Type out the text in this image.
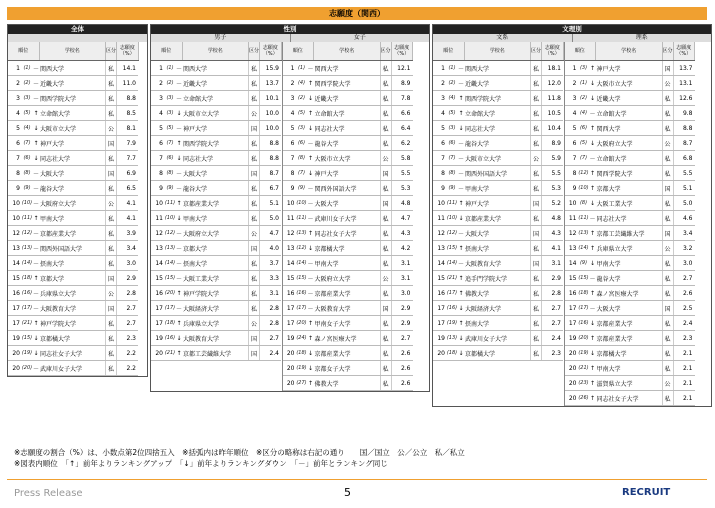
志願度（関西）
全体
順位			学校名	区分	志願度（%）
1	(1)	－	関西大学	私	14.1
2	(2)	－	近畿大学	私	11.0
3	(3)	－	関西学院大学	私	8.8
4	(5)	↑	立命館大学	私	8.5
5	(4)	↓	大阪市立大学	公	8.1
6	(7)	↑	神戸大学	国	7.9
7	(6)	↓	同志社大学	私	7.7
8	(8)	－	大阪大学	国	6.9
9	(9)	－	龍谷大学	私	6.5
10	(10)	－	大阪府立大学	公	4.1
10	(11)	↑	甲南大学	私	4.1
12	(12)	－	京都産業大学	私	3.9
13	(13)	－	関西外国語大学	私	3.4
14	(14)	－	摂南大学	私	3.0
15	(18)	↑	京都大学	国	2.9
16	(16)	－	兵庫県立大学	公	2.8
17	(17)	－	大阪教育大学	国	2.7
17	(21)	↑	神戸学院大学	私	2.7
19	(15)	↓	京都橘大学	私	2.3
20	(19)	↓	同志社女子大学	私	2.2
20	(20)	－	武庫川女子大学	私	2.2
性別
男子	女子
順位			学校名	区分	志願度（%）
1	(1)	－	関西大学	私	15.9
2	(2)	－	近畿大学	私	13.7
3	(3)	－	立命館大学	私	10.1
4	(3)	↓	大阪市立大学	公	10.0
5	(5)	－	神戸大学	国	10.0
6	(7)	↑	関西学院大学	私	8.8
7	(6)	↓	同志社大学	私	8.8
8	(8)	－	大阪大学	国	8.7
9	(9)	－	龍谷大学	私	6.7
10	(11)	↑	京都産業大学	私	5.1
11	(10)	↓	甲南大学	私	5.0
12	(12)	－	大阪府立大学	公	4.7
13	(13)	－	京都大学	国	4.0
14	(14)	－	摂南大学	私	3.7
15	(15)	－	大阪工業大学	私	3.3
16	(20)	↑	神戸学院大学	私	3.1
17	(17)	－	大阪経済大学	私	2.8
17	(18)	↑	兵庫県立大学	公	2.8
19	(16)	↓	大阪教育大学	国	2.7
20	(21)	↑	京都工芸繊維大学	国	2.4
順位			学校名	区分	志願度（%）
1	(1)	－	関西大学	私	12.1
2	(4)	↑	関西学院大学	私	8.9
3	(2)	↓	近畿大学	私	7.8
4	(5)	↑	立命館大学	私	6.6
5	(3)	↓	同志社大学	私	6.4
6	(6)	－	龍谷大学	私	6.2
7	(8)	↑	大阪市立大学	公	5.8
8	(7)	↓	神戸大学	国	5.5
9	(9)	－	関西外国語大学	私	5.3
10	(10)	－	大阪大学	国	4.8
11	(11)	－	武庫川女子大学	私	4.7
12	(13)	↑	同志社女子大学	私	4.3
13	(12)	↓	京都橘大学	私	4.2
14	(14)	－	甲南大学	私	3.1
15	(15)	－	大阪府立大学	公	3.1
16	(16)	－	京都産業大学	私	3.0
17	(17)	－	大阪教育大学	国	2.9
17	(20)	↑	甲南女子大学	私	2.9
19	(24)	↑	森ノ宮医療大学	私	2.7
20	(18)	↓	京都産業大学	私	2.6
20	(19)	↓	京都女子大学	私	2.6
20	(27)	↑	佛教大学	私	2.6
文理別
文系	理系
順位			学校名	区分	志願度（%）
1	(1)	－	関西大学	私	18.1
2	(2)	－	近畿大学	私	12.0
3	(4)	↑	関西学院大学	私	11.8
4	(5)	↑	立命館大学	私	10.5
5	(3)	↓	同志社大学	私	10.4
6	(6)	－	龍谷大学	私	8.9
7	(7)	－	大阪市立大学	公	5.9
8	(8)	－	関西外国語大学	私	5.5
9	(9)	－	甲南大学	私	5.3
10	(11)	↑	神戸大学	国	5.2
11	(10)	↓	京都産業大学	私	4.8
12	(12)	－	大阪大学	国	4.3
13	(15)	↑	摂南大学	私	4.1
14	(14)	－	大阪教育大学	国	3.1
15	(21)	↑	追手門学院大学	私	2.9
16	(17)	↑	佛教大学	私	2.8
17	(16)	↓	大阪経済大学	私	2.7
17	(19)	↑	摂南大学	私	2.7
19	(13)	↓	武庫川女子大学	私	2.4
20	(18)	↓	京都橘大学	私	2.3
順位			学校名	区分	志願度（%）
1	(3)	↑	神戸大学	国	13.7
2	(1)	↓	大阪市立大学	公	13.1
3	(2)	↓	近畿大学	私	12.6
4	(4)	－	立命館大学	私	9.8
5	(6)	↑	関西大学	私	8.8
6	(5)	↓	大阪府立大学	公	8.7
7	(7)	－	立命館大学	私	6.8
8	(12)	↑	関西学院大学	私	5.5
9	(10)	↑	京都大学	国	5.1
10	(8)	↓	大阪工業大学	私	5.0
11	(11)	－	同志社大学	私	4.6
12	(13)	↑	京都工芸繊維大学	国	3.4
13	(14)	↑	兵庫県立大学	公	3.2
14	(9)	↓	甲南大学	私	3.0
15	(15)	－	龍谷大学	私	2.7
16	(18)	↑	森ノ宮医療大学	私	2.6
17	(17)	－	大阪大学	国	2.5
17	(16)	↓	京都産業大学	私	2.4
19	(20)	↑	京都産業大学	私	2.3
20	(19)	↓	京都橘大学	私	2.1
20	(21)	↑	甲南大学	私	2.1
20	(23)	↑	滋賀県立大学	公	2.1
20	(26)	↑	同志社女子大学	私	2.1
※志願度の割合（%）は、小数点第2位四捨五入　※括弧内は昨年順位　※区分の略称は右記の通り　　国／国立　公／公立　私／私立
※図表内順位　「↑」前年よりランキングアップ　「↓」前年よりランキングダウン　「－」前年とランキング同じ
Press Release	5	RECRUIT
